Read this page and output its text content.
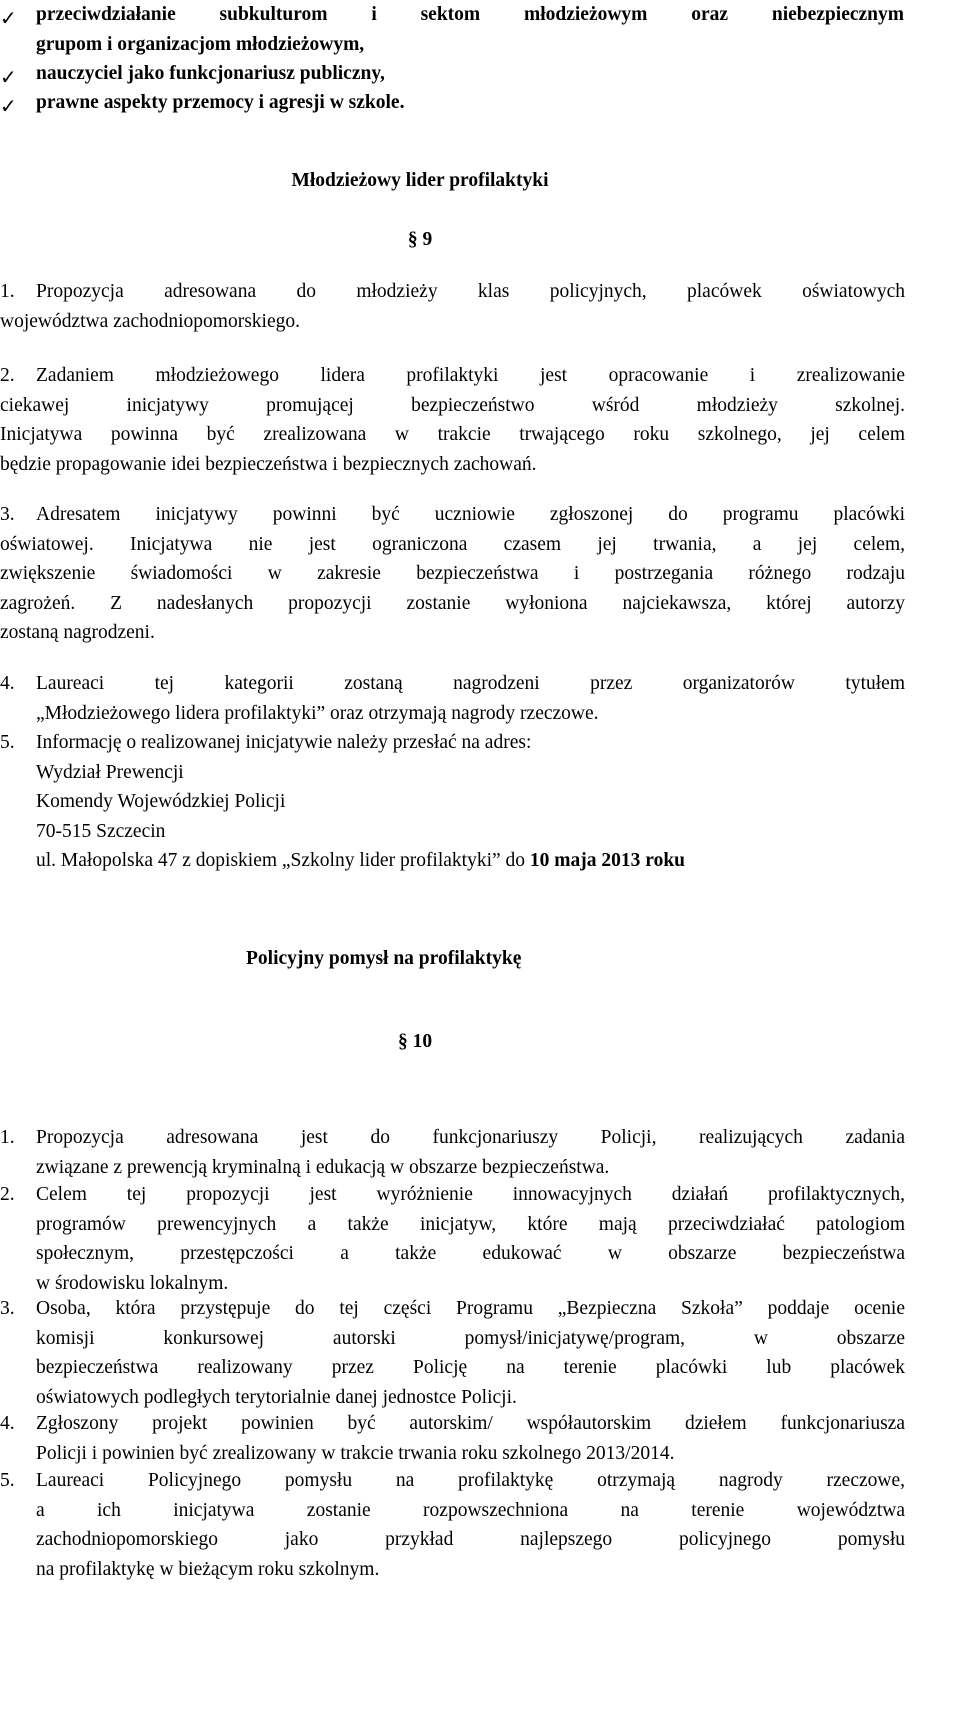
✓ przeciwdziałanie subkulturom i sektom młodzieżowym oraz niebezpiecznym
grupom i organizacjom młodzieżowym,
✓ nauczyciel jako funkcjonariusz publiczny,
✓ prawne aspekty przemocy i agresji w szkole.
Młodzieżowy lider profilaktyki
§ 9
1.	Propozycja adresowana do młodzieży klas policyjnych, placówek oświatowych
województwa zachodniopomorskiego.
2.	Zadaniem młodzieżowego lidera profilaktyki jest opracowanie i zrealizowanie
ciekawej inicjatywy promującej bezpieczeństwo wśród młodzieży szkolnej.
Inicjatywa powinna być zrealizowana w trakcie trwającego roku szkolnego, jej celem
będzie propagowanie idei bezpieczeństwa i bezpiecznych zachowań.
3.	Adresatem inicjatywy powinni być uczniowie zgłoszonej do programu placówki
oświatowej. Inicjatywa nie jest ograniczona czasem jej trwania, a jej celem,
zwiększenie świadomości w zakresie bezpieczeństwa i postrzegania różnego rodzaju
zagrożeń. Z nadesłanych propozycji zostanie wyłoniona najciekawsza, której autorzy
zostaną nagrodzeni.
4.	Laureaci tej kategorii zostaną nagrodzeni przez organizatorów tytułem
„Młodzieżowego lidera profilaktyki” oraz otrzymają nagrody rzeczowe.
5.	Informację o realizowanej inicjatywie należy przesłać na adres:
Wydział Prewencji
Komendy Wojewódzkiej Policji
70-515 Szczecin
ul. Małopolska 47 z dopiskiem „Szkolny lider profilaktyki” do 10 maja 2013 roku
Policyjny pomysł na profilaktykę
§ 10
1.	Propozycja adresowana jest do funkcjonariuszy Policji, realizujących zadania
związane z prewencją kryminalną i edukacją w obszarze bezpieczeństwa.
2.	Celem tej propozycji jest wyróżnienie innowacyjnych działań profilaktycznych,
programów prewencyjnych a także inicjatyw, które mają przeciwdziałać patologiom
społecznym, przestępczości a także edukować w obszarze bezpieczeństwa
w środowisku lokalnym.
3.	Osoba, która przystępuje do tej części Programu „Bezpieczna Szkoła” poddaje ocenie
komisji konkursowej autorski pomysł/inicjatywę/program, w obszarze
bezpieczeństwa realizowany przez Policję na terenie placówki lub placówek
oświatowych podległych terytorialnie danej jednostce Policji.
4.	Zgłoszony projekt powinien być autorskim/ współautorskim dziełem funkcjonariusza
Policji i powinien być zrealizowany w trakcie trwania roku szkolnego 2013/2014.
5.	Laureaci Policyjnego pomysłu na profilaktykę otrzymają nagrody rzeczowe,
a ich inicjatywa zostanie rozpowszechniona na terenie województwa
zachodniopomorskiego jako przykład najlepszego policyjnego pomysłu
na profilaktykę w bieżącym roku szkolnym.
